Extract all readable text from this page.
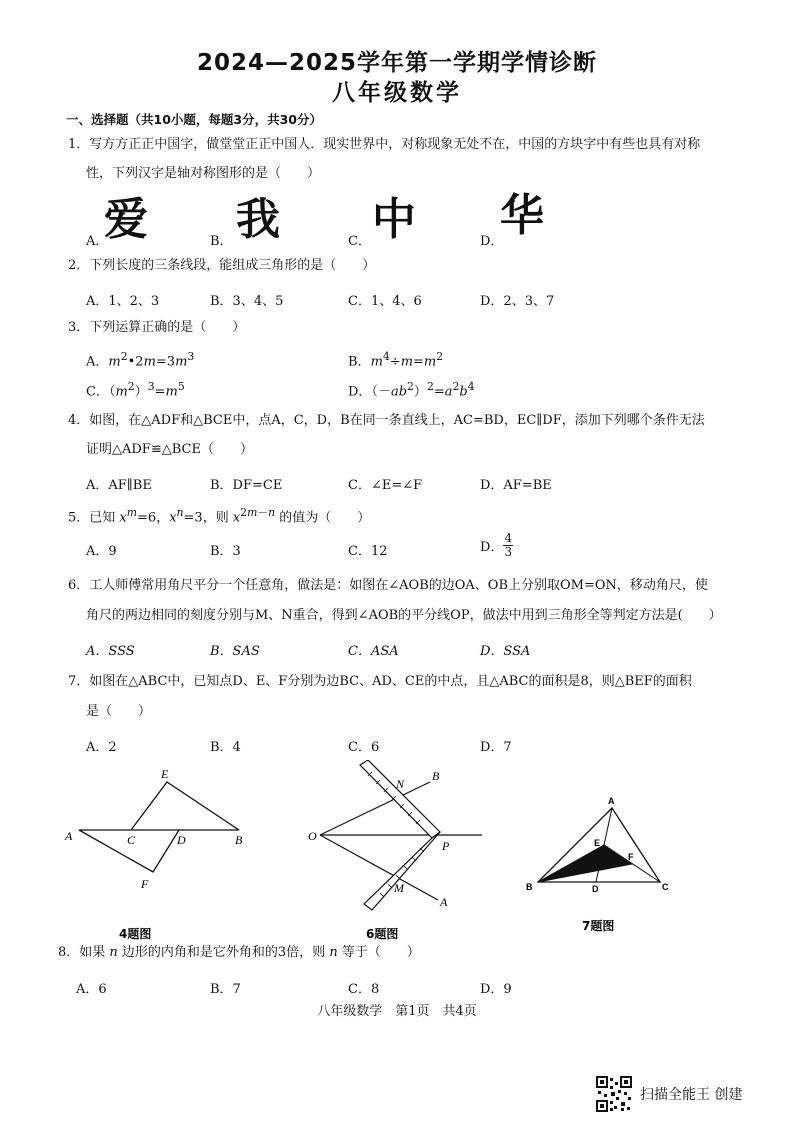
2024—2025学年第一学期学情诊断
八年级数学
一、选择题（共10小题，每题3分，共30分）
1．写方方正正中国字，做堂堂正正中国人．现实世界中，对称现象无处不在，中国的方块字中有些也具有对称
性，下列汉字是轴对称图形的是（　　）
A．
爱	B． 我	C． 中	D．
华
2．下列长度的三条线段，能组成三角形的是（　　）
A．1、2、3	B．3、4、5	C．1、4、6	D．2、3、7
3．下列运算正确的是（　　）
A．$m^2•2m=3m^3$	B．$m^4\div m=m^2$
C．$(m^2)^3=m^5$	D．$(-ab^2)^2=a^2b^4$
4．如图，在△ADF和△BCE中，点A，C，D，B在同一条直线上，AC=BD，EC∥DF，添加下列哪个条件无法
证明△ADF≌△BCE（　　）
A．AF∥BE	B．DF=CE	C．∠E=∠F	D．AF=BE
5．已知 $x^m=6$，$x^n=3$，则 $x^{2m-n}$ 的值为（　　）
A．9	B．3	C．12	D． $\frac{4}{3}$
6．工人师傅常用角尺平分一个任意角，做法是：如图在∠AOB的边OA、OB上分别取OM=ON，移动角尺，使
角尺的两边相同的刻度分别与M、N重合，得到∠AOB的平分线OP，做法中用到三角形全等判定方法是(　　）
A．SSS	B．SAS	C．ASA	D．SSA
7．如图在△ABC中，已知点D、E、F分别为边BC、AD、CE的中点，且△ABC的面积是8，则△BEF的面积
是（　　）
A．2	B．4	C．6	D．7
E
A	C	D	B
F
4题图
N
B
O
P
M
A
6题图
A
E
F
B	D	C
7题图
8．如果 n 边形的内角和是它外角和的3倍，则 n 等于（　　）
A．6	B．7	C．8	D．9
八年级数学　第1页　共4页
扫描全能王 创建
